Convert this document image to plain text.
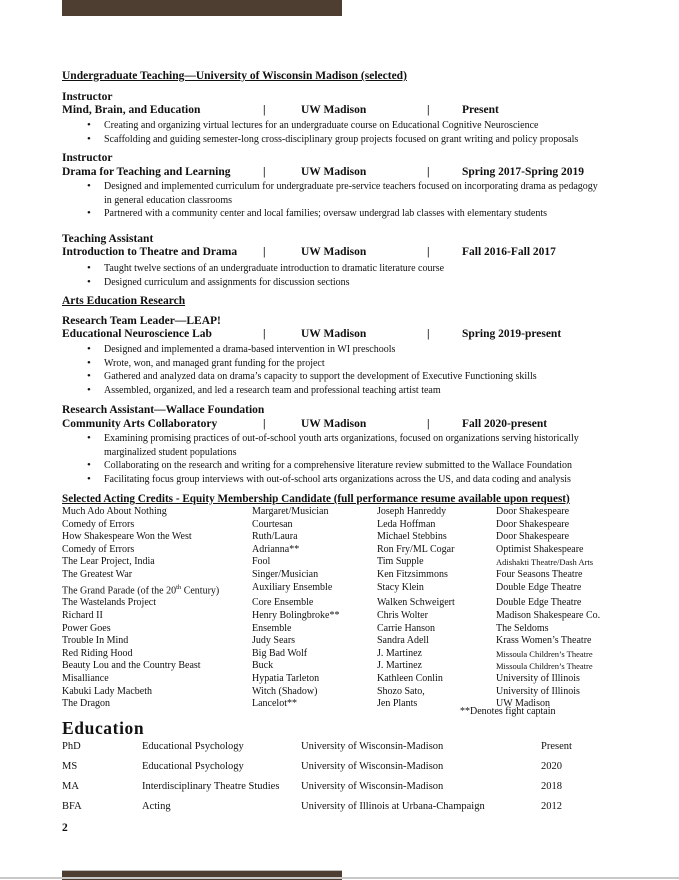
Undergraduate Teaching—University of Wisconsin Madison (selected)
Instructor
Mind, Brain, and Education	|	UW Madison	|	Present
• Creating and organizing virtual lectures for an undergraduate course on Educational Cognitive Neuroscience
• Scaffolding and guiding semester-long cross-disciplinary group projects focused on grant writing and policy proposals
Instructor
Drama for Teaching and Learning	|	UW Madison	|	Spring 2017-Spring 2019
• Designed and implemented curriculum for undergraduate pre-service teachers focused on incorporating drama as pedagogy in general education classrooms
• Partnered with a community center and local families; oversaw undergrad lab classes with elementary students
Teaching Assistant
Introduction to Theatre and Drama |	UW Madison	|	Fall 2016-Fall 2017
• Taught twelve sections of an undergraduate introduction to dramatic literature course
• Designed curriculum and assignments for discussion sections
Arts Education Research
Research Team Leader—LEAP!
Educational Neuroscience Lab	|	UW Madison	|	Spring 2019-present
• Designed and implemented a drama-based intervention in WI preschools
• Wrote, won, and managed grant funding for the project
• Gathered and analyzed data on drama’s capacity to support the development of Executive Functioning skills
• Assembled, organized, and led a research team and professional teaching artist team
Research Assistant—Wallace Foundation
Community Arts Collaboratory	|	UW Madison	|	Fall 2020-present
• Examining promising practices of out-of-school youth arts organizations, focused on organizations serving historically marginalized student populations
• Collaborating on the research and writing for a comprehensive literature review submitted to the Wallace Foundation
• Facilitating focus group interviews with out-of-school arts organizations across the US, and data coding and analysis
Selected Acting Credits - Equity Membership Candidate (full performance resume available upon request)
Much Ado About Nothing	Margaret/Musician	Joseph Hanreddy	Door Shakespeare
Comedy of Errors	Courtesan	Leda Hoffman	Door Shakespeare
How Shakespeare Won the West	Ruth/Laura	Michael Stebbins	Door Shakespeare
Comedy of Errors	Adrianna**	Ron Fry/ML Cogar	Optimist Shakespeare
The Lear Project, India	Fool	Tim Supple	Adishakti Theatre/Dash Arts
The Greatest War	Singer/Musician	Ken Fitzsimmons	Four Seasons Theatre
The Grand Parade (of the 20th Century)	Auxiliary Ensemble	Stacy Klein	Double Edge Theatre
The Wastelands Project	Core Ensemble	Walken Schweigert	Double Edge Theatre
Richard II	Henry Bolingbroke**	Chris Wolter	Madison Shakespeare Co.
Power Goes	Ensemble	Carrie Hanson	The Seldoms
Trouble In Mind	Judy Sears	Sandra Adell	Krass Women’s Theatre
Red Riding Hood	Big Bad Wolf	J. Martinez	Missoula Children’s Theatre
Beauty Lou and the Country Beast	Buck	J. Martinez	Missoula Children’s Theatre
Misalliance	Hypatia Tarleton	Kathleen Conlin	University of Illinois
Kabuki Lady Macbeth	Witch (Shadow)	Shozo Sato,	University of Illinois
The Dragon	Lancelot**	Jen Plants	UW Madison
**Denotes fight captain
Education
PhD	Educational Psychology	University of Wisconsin-Madison	Present
MS	Educational Psychology	University of Wisconsin-Madison	2020
MA	Interdisciplinary Theatre Studies	University of Wisconsin-Madison	2018
BFA	Acting	University of Illinois at Urbana-Champaign	2012
2
